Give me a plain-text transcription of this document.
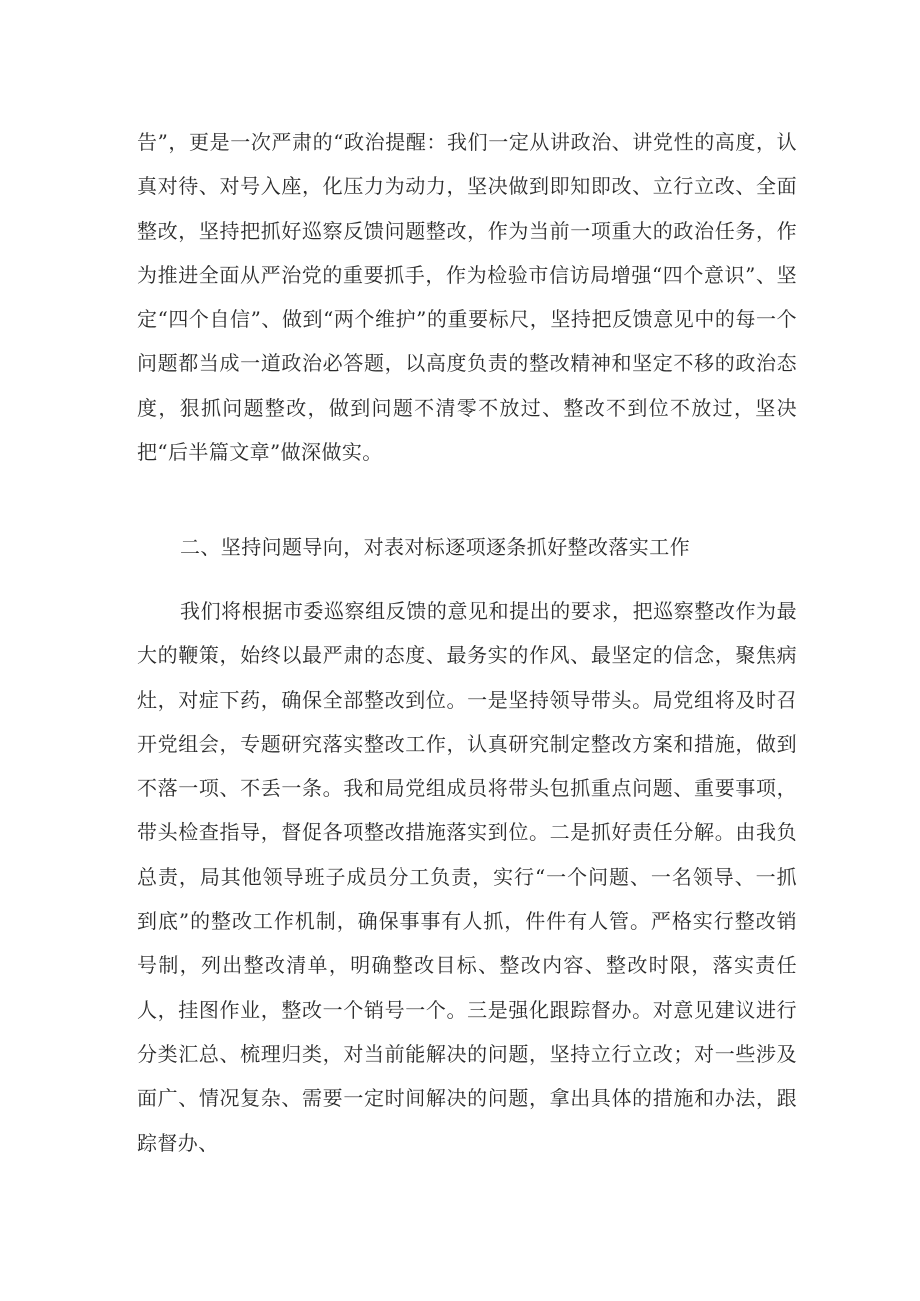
告”，更是一次严肃的“政治提醒：我们一定从讲政治、讲党性的高度，认真对待、对号入座，化压力为动力，坚决做到即知即改、立行立改、全面整改，坚持把抓好巡察反馈问题整改，作为当前一项重大的政治任务，作为推进全面从严治党的重要抓手，作为检验市信访局增强“四个意识”、坚定“四个自信”、做到“两个维护”的重要标尺，坚持把反馈意见中的每一个问题都当成一道政治必答题，以高度负责的整改精神和坚定不移的政治态度，狠抓问题整改，做到问题不清零不放过、整改不到位不放过，坚决把“后半篇文章”做深做实。

二、坚持问题导向，对表对标逐项逐条抓好整改落实工作

我们将根据市委巡察组反馈的意见和提出的要求，把巡察整改作为最大的鞭策，始终以最严肃的态度、最务实的作风、最坚定的信念，聚焦病灶，对症下药，确保全部整改到位。一是坚持领导带头。局党组将及时召开党组会，专题研究落实整改工作，认真研究制定整改方案和措施，做到不落一项、不丢一条。我和局党组成员将带头包抓重点问题、重要事项，带头检查指导，督促各项整改措施落实到位。二是抓好责任分解。由我负总责，局其他领导班子成员分工负责，实行“一个问题、一名领导、一抓到底”的整改工作机制，确保事事有人抓，件件有人管。严格实行整改销号制，列出整改清单，明确整改目标、整改内容、整改时限，落实责任人，挂图作业，整改一个销号一个。三是强化跟踪督办。对意见建议进行分类汇总、梳理归类，对当前能解决的问题，坚持立行立改；对一些涉及面广、情况复杂、需要一定时间解决的问题，拿出具体的措施和办法，跟踪督办、
